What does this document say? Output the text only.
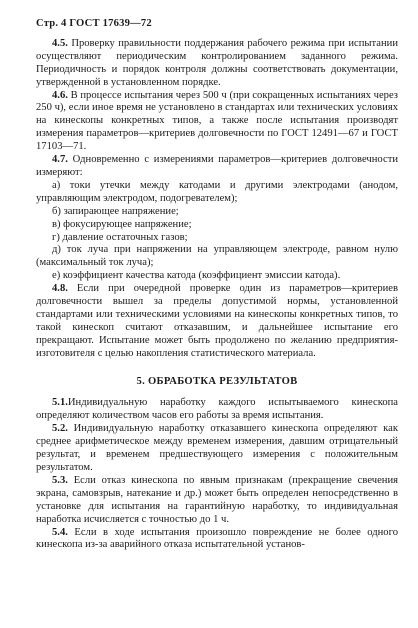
Стр. 4 ГОСТ 17639—72

4.5. Проверку правильности поддержания рабочего режима при испытании осуществляют периодическим контролированием заданного режима. Периодичность и порядок контроля должны соответствовать документации, утвержденной в установленном порядке.

4.6. В процессе испытания через 500 ч (при сокращенных испытаниях через 250 ч), если иное время не установлено в стандартах или технических условиях на кинескопы конкретных типов, а также после испытания производят измерения параметров—критериев долговечности по ГОСТ 12491—67 и ГОСТ 17103—71.

4.7. Одновременно с измерениями параметров—критериев долговечности измеряют:

а) токи утечки между катодами и другими электродами (анодом, управляющим электродом, подогревателем);

б) запирающее напряжение;

в) фокусирующее напряжение;

г) давление остаточных газов;

д) ток луча при напряжении на управляющем электроде, равном нулю (максимальный ток луча);

е) коэффициент качества катода (коэффициент эмиссии катода).

4.8. Если при очередной проверке один из параметров—критериев долговечности вышел за пределы допустимой нормы, установленной стандартами или техническими условиями на кинескопы конкретных типов, то такой кинескоп считают отказавшим, и дальнейшее испытание его прекращают. Испытание может быть продолжено по желанию предприятия-изготовителя с целью накопления статистического материала.

5. ОБРАБОТКА РЕЗУЛЬТАТОВ

5.1.Индивидуальную наработку каждого испытываемого кинескопа определяют количеством часов его работы за время испытания.

5.2. Индивидуальную наработку отказавшего кинескопа определяют как среднее арифметическое между временем измерения, давшим отрицательный результат, и временем предшествующего измерения с положительным результатом.

5.3. Если отказ кинескопа по явным признакам (прекращение свечения экрана, самовзрыв, натекание и др.) может быть определен непосредственно в установке для испытания на гарантийную наработку, то индивидуальная наработка исчисляется с точностью до 1 ч.

5.4. Если в ходе испытания произошло повреждение не более одного кинескопа из-за аварийного отказа испытательной установ-
